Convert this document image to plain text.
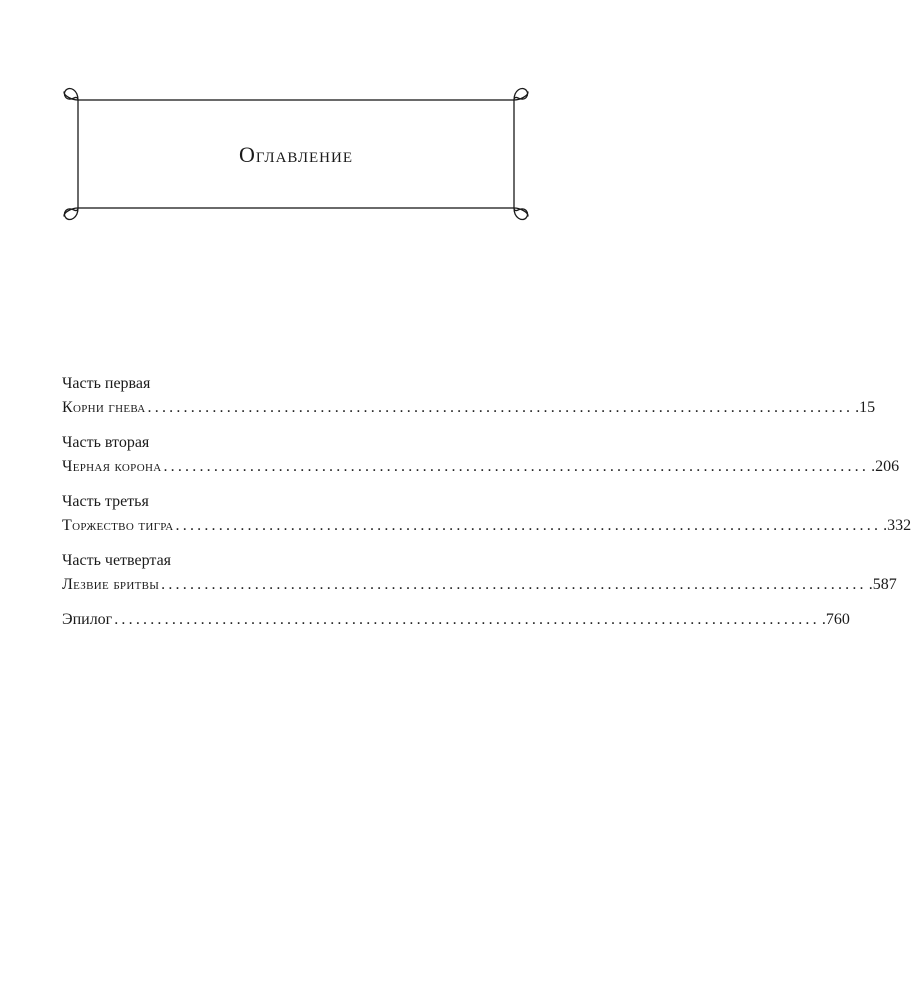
Оглавление
Часть первая
Корни гнева .................................................................................................. .15
Часть вторая
Черная корона .................................................................................................. .206
Часть третья
Торжество тигра .................................................................................................. .332
Часть четвертая
Лезвие бритвы .................................................................................................. .587
Эпилог .................................................................................................. .760
